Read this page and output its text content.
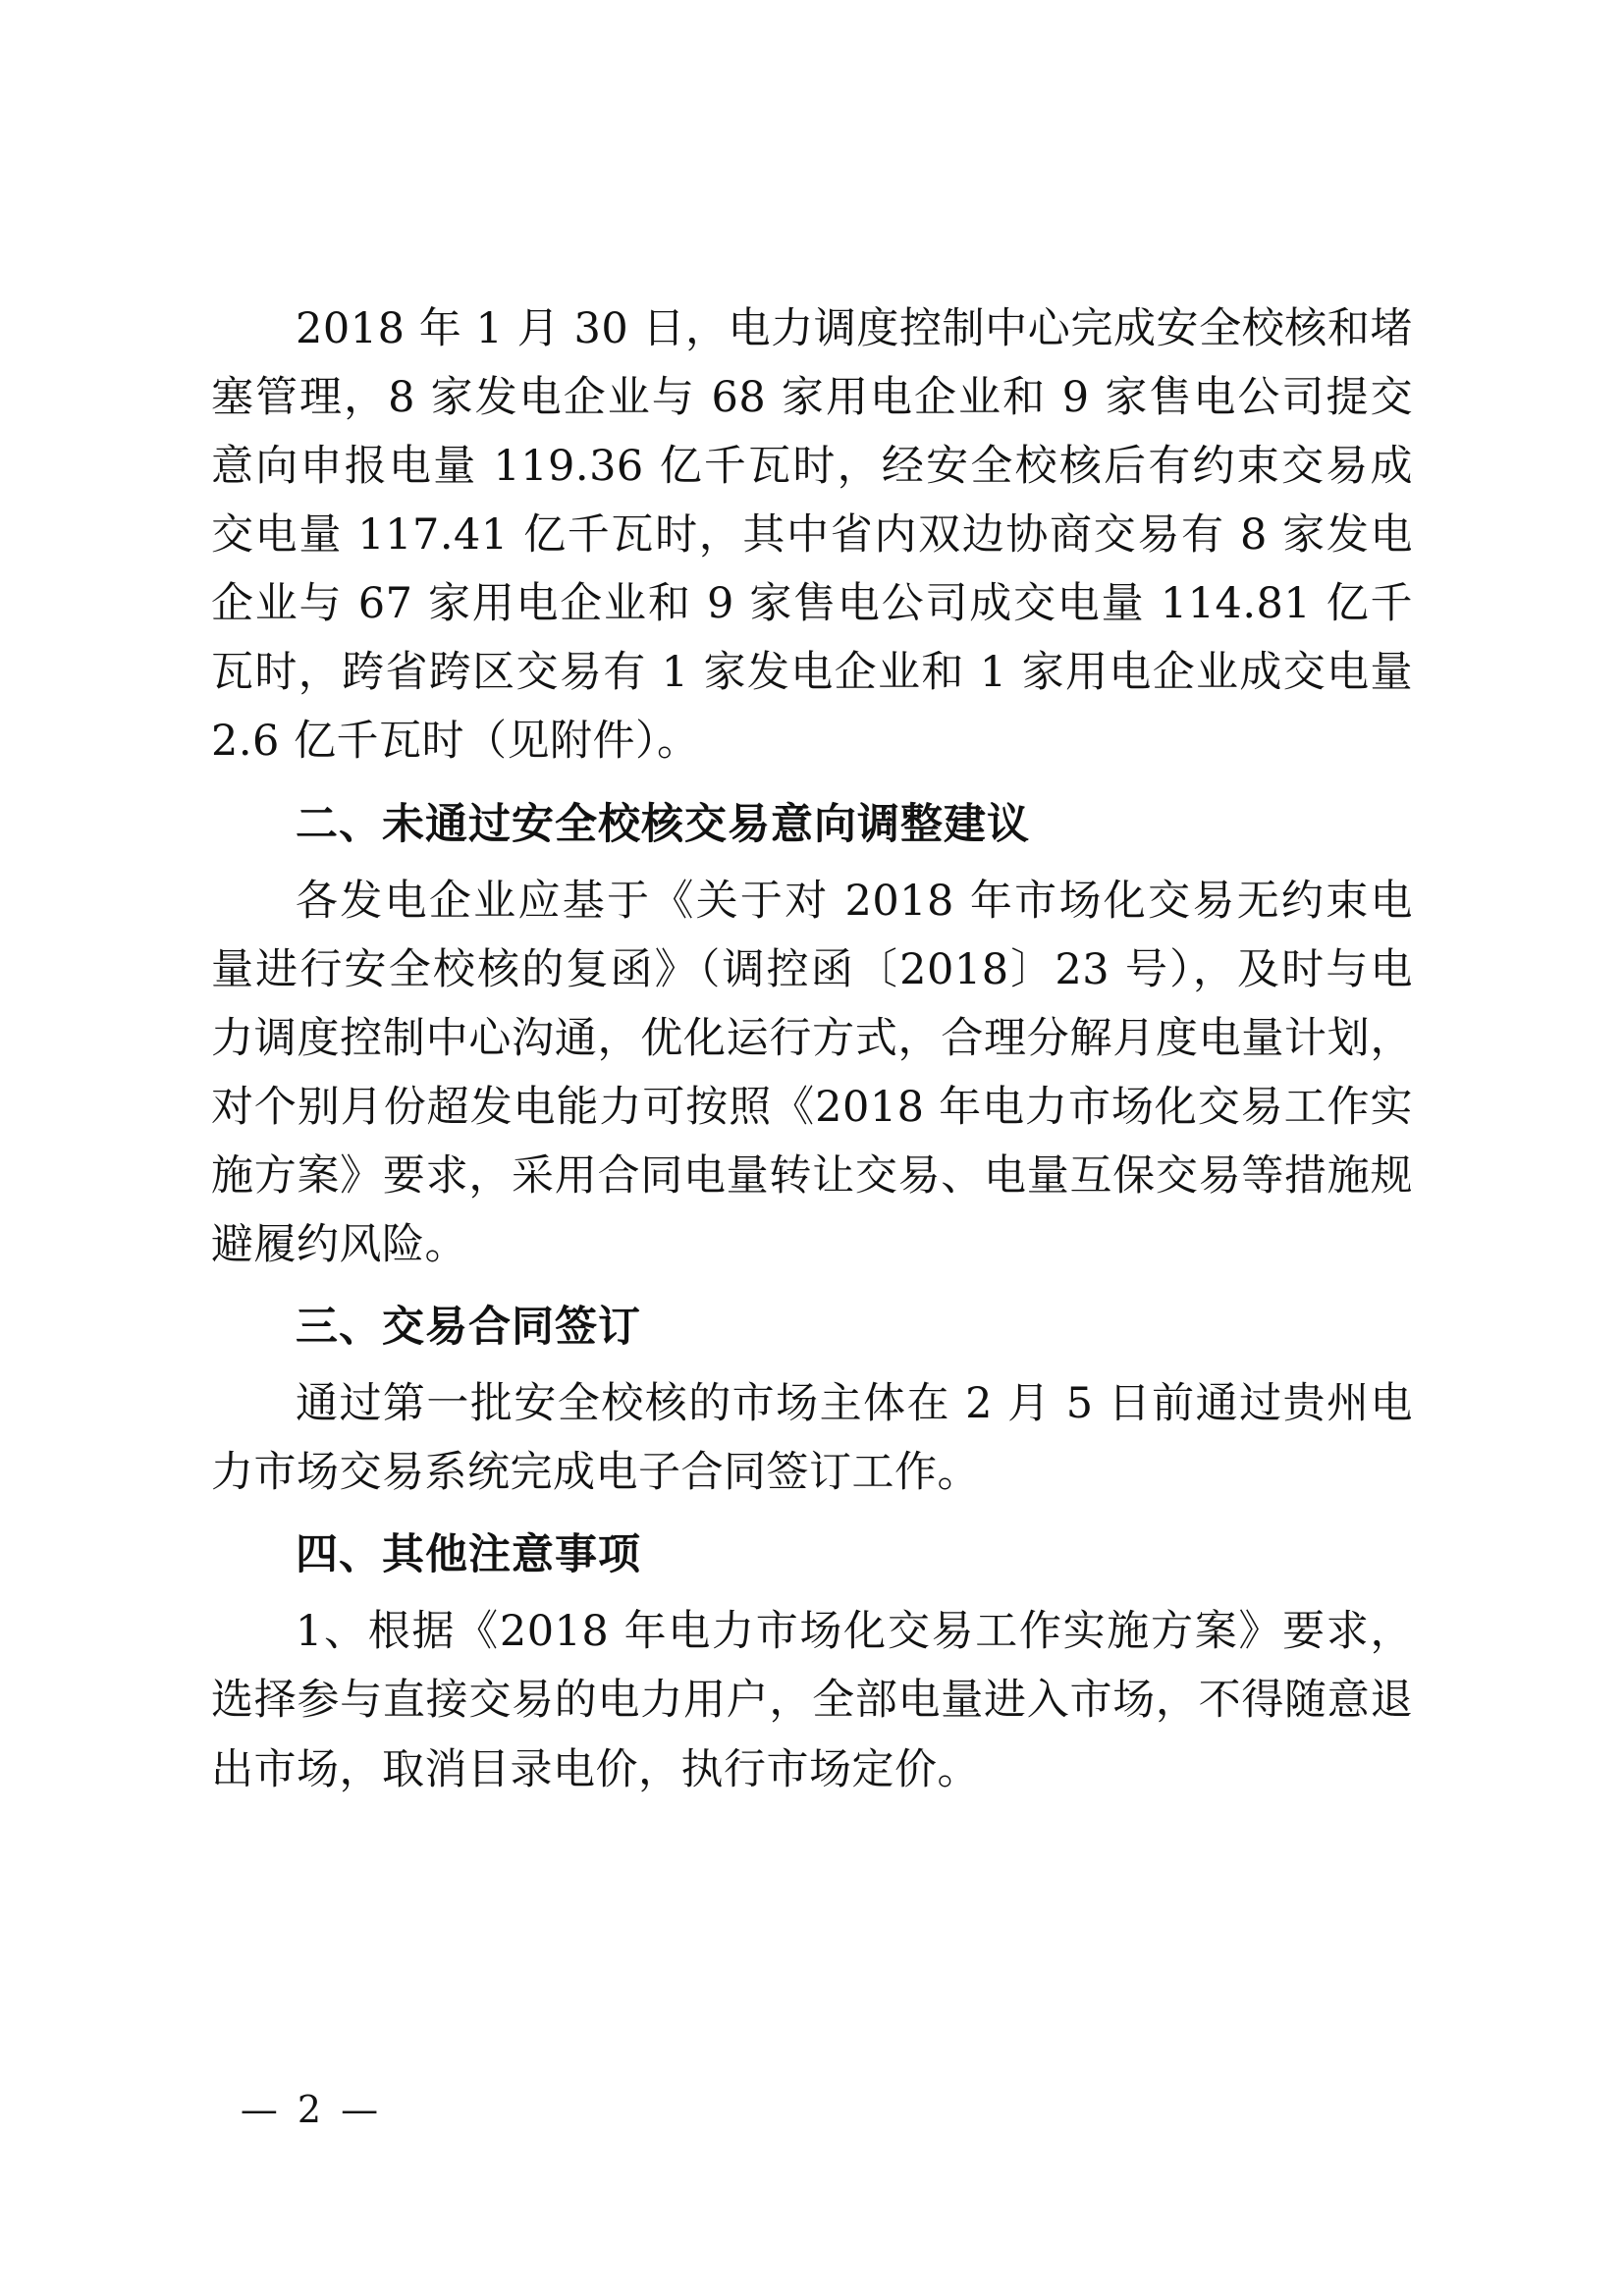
2018 年 1 月 30 日，电力调度控制中心完成安全校核和堵塞管理，8 家发电企业与 68 家用电企业和 9 家售电公司提交意向申报电量 119.36 亿千瓦时，经安全校核后有约束交易成交电量 117.41 亿千瓦时，其中省内双边协商交易有 8 家发电企业与 67 家用电企业和 9 家售电公司成交电量 114.81 亿千瓦时，跨省跨区交易有 1 家发电企业和 1 家用电企业成交电量 2.6 亿千瓦时（见附件）。

二、未通过安全校核交易意向调整建议

各发电企业应基于《关于对 2018 年市场化交易无约束电量进行安全校核的复函》（调控函〔2018〕23 号），及时与电力调度控制中心沟通，优化运行方式，合理分解月度电量计划，对个别月份超发电能力可按照《2018 年电力市场化交易工作实施方案》要求，采用合同电量转让交易、电量互保交易等措施规避履约风险。

三、交易合同签订

通过第一批安全校核的市场主体在 2 月 5 日前通过贵州电力市场交易系统完成电子合同签订工作。

四、其他注意事项

1、根据《2018 年电力市场化交易工作实施方案》要求，选择参与直接交易的电力用户，全部电量进入市场，不得随意退出市场，取消目录电价，执行市场定价。

— 2 —
